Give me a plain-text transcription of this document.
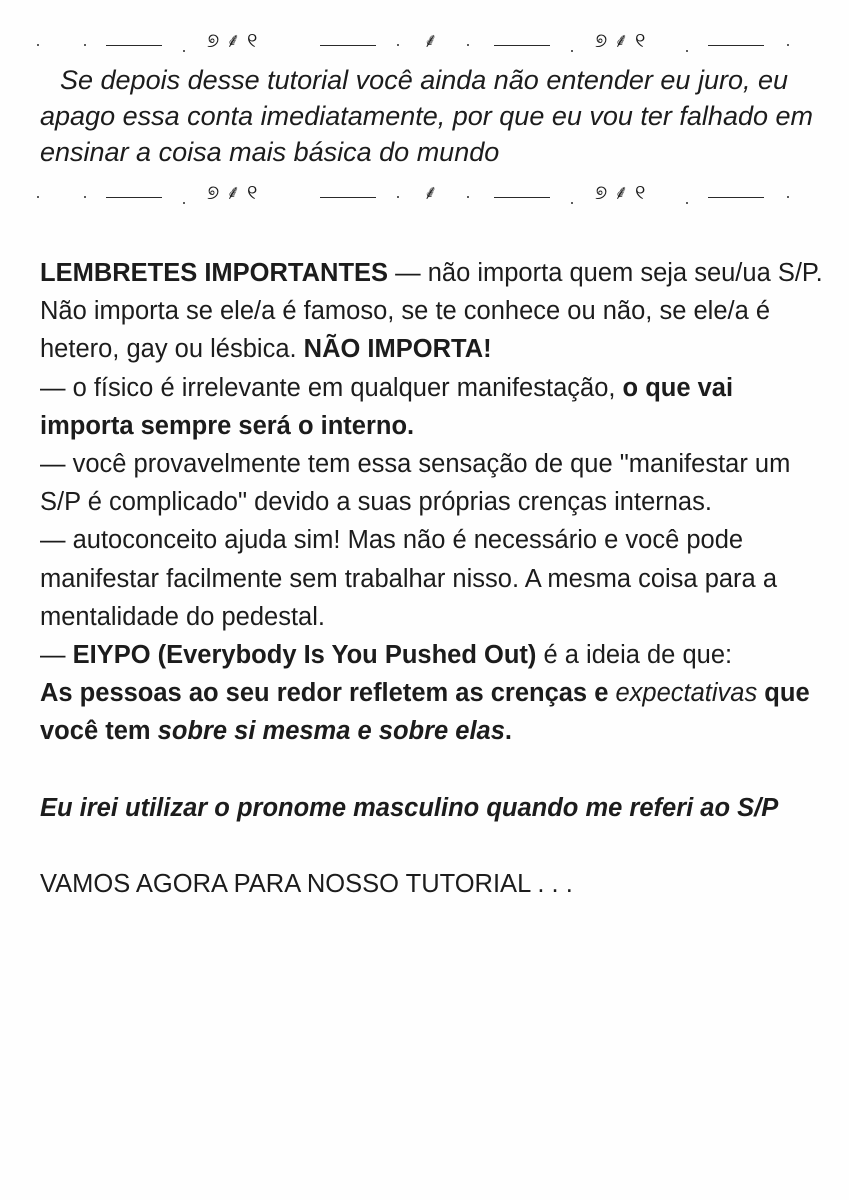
୭ ⸙ ୧	⸙	୭ ⸙ ୧

Se depois desse tutorial você ainda não entender eu juro, eu apago essa conta imediatamente, por que eu vou ter falhado em ensinar a coisa mais básica do mundo

୭ ⸙ ୧	⸙	୭ ⸙ ୧

LEMBRETES IMPORTANTES — não importa quem seja seu/ua S/P. Não importa se ele/a é famoso, se te conhece ou não, se ele/a é hetero, gay ou lésbica. NÃO IMPORTA!

— o físico é irrelevante em qualquer manifestação, o que vai importa sempre será o interno.

— você provavelmente tem essa sensação de que "manifestar um S/P é complicado" devido a suas próprias crenças internas.

— autoconceito ajuda sim! Mas não é necessário e você pode manifestar facilmente sem trabalhar nisso. A mesma coisa para a mentalidade do pedestal.

— EIYPO (Everybody Is You Pushed Out) é a ideia de que:

As pessoas ao seu redor refletem as crenças e expectativas que você tem sobre si mesma e sobre elas.

Eu irei utilizar o pronome masculino quando me referi ao S/P

VAMOS AGORA PARA NOSSO TUTORIAL . . .
